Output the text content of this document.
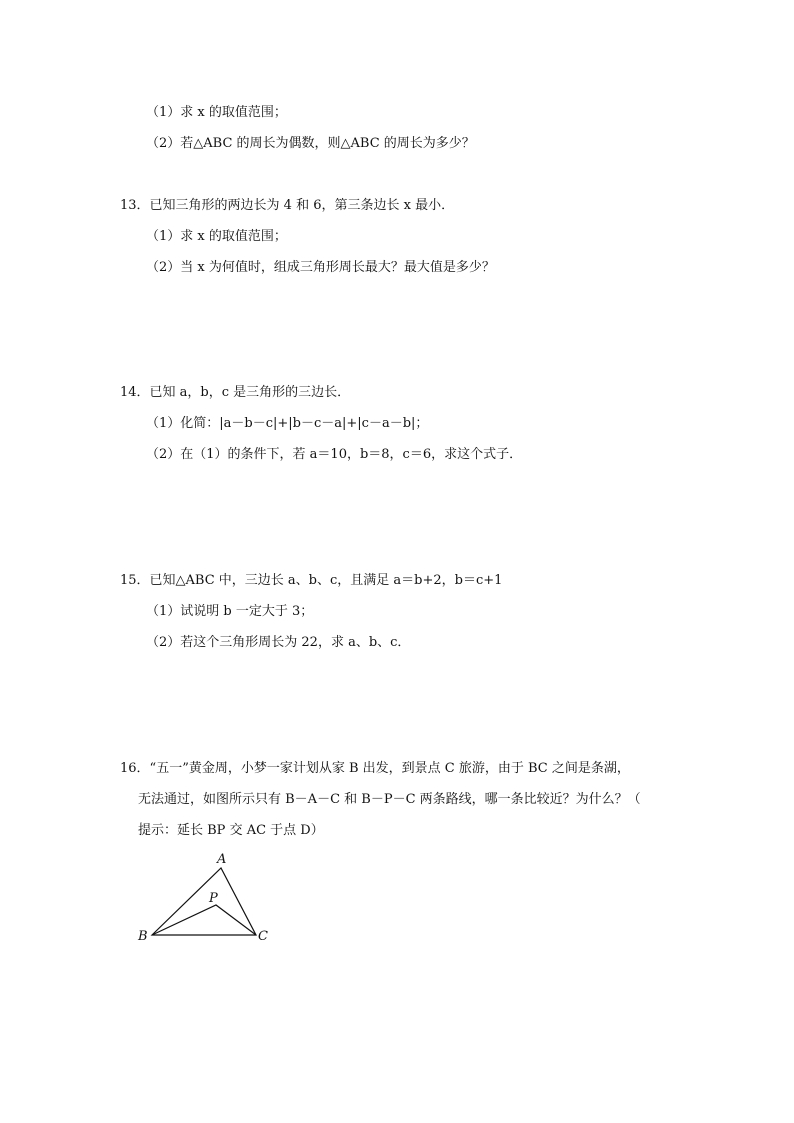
（1）求 x 的取值范围；
（2）若△ABC 的周长为偶数，则△ABC 的周长为多少？
13．已知三角形的两边长为 4 和 6，第三条边长 x 最小．
（1）求 x 的取值范围；
（2）当 x 为何值时，组成三角形周长最大？最大值是多少？
14．已知 a，b，c 是三角形的三边长．
（1）化简：|a－b－c|+|b－c－a|+|c－a－b|；
（2）在（1）的条件下，若 a＝10，b＝8，c＝6，求这个式子．
15．已知△ABC 中，三边长 a、b、c，且满足 a＝b+2，b＝c+1
（1）试说明 b 一定大于 3；
（2）若这个三角形周长为 22，求 a、b、c．
16．“五一”黄金周，小梦一家计划从家 B 出发，到景点 C 旅游，由于 BC 之间是条湖，
无法通过，如图所示只有 B－A－C 和 B－P－C 两条路线，哪一条比较近？为什么？（
提示：延长 BP 交 AC 于点 D）
A
B	C
P
